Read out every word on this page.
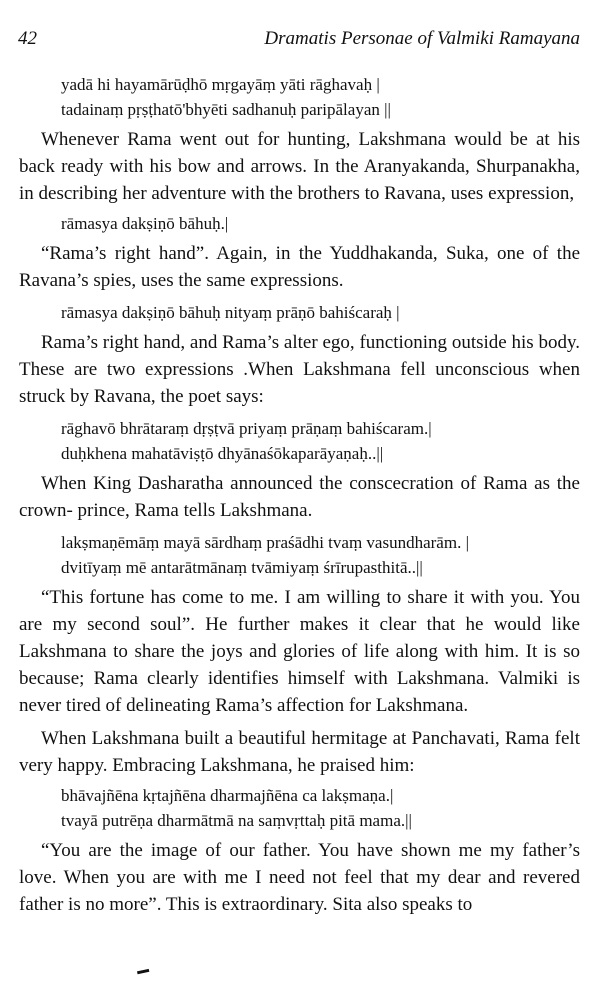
42	Dramatis Personae of Valmiki Ramayana
yadā hi hayamārūḍhō mṛgayāṃ yāti rāghavaḥ |
tadainaṃ pṛṣṭhatō'bhyēti sadhanuḥ paripālayan ||

Whenever Rama went out for hunting, Lakshmana would be at his back ready with his bow and arrows. In the Aranyakanda, Shurpanakha, in describing her adventure with the brothers to Ravana, uses expression,

rāmasya dakṣiṇō bāhuḥ.|

“Rama’s right hand”. Again, in the Yuddhakanda, Suka, one of the Ravana’s spies, uses the same expressions.

rāmasya dakṣiṇō bāhuḥ nityaṃ prāṇō bahiścaraḥ |

Rama’s right hand, and Rama’s alter ego, functioning outside his body. These are two expressions .When Lakshmana fell unconscious when struck by Ravana, the poet says:

rāghavō bhrātaraṃ dṛṣṭvā priyaṃ prāṇaṃ bahiścaram.|
duḥkhena mahatāviṣṭō dhyānaśōkaparāyaṇaḥ..||

When King Dasharatha announced the conscecration of Rama as the crown- prince, Rama tells Lakshmana.

lakṣmaṇēmāṃ mayā sārdhaṃ praśādhi tvaṃ vasundharām. |
dvitīyaṃ mē antarātmānaṃ tvāmiyaṃ śrīrupasthitā..||

“This fortune has come to me. I am willing to share it with you. You are my second soul”. He further makes it clear that he would like Lakshmana to share the joys and glories of life along with him. It is so because; Rama clearly identifies himself with Lakshmana. Valmiki is never tired of delineating Rama’s affection for Lakshmana.

When Lakshmana built a beautiful hermitage at Panchavati, Rama felt very happy. Embracing Lakshmana, he praised him:

bhāvajñēna kṛtajñēna dharmajñēna ca lakṣmaṇa.|
tvayā putrēṇa dharmātmā na saṃvṛttaḥ pitā mama.||

“You are the image of our father. You have shown me my father’s love. When you are with me I need not feel that my dear and revered father is no more”. This is extraordinary. Sita also speaks to
